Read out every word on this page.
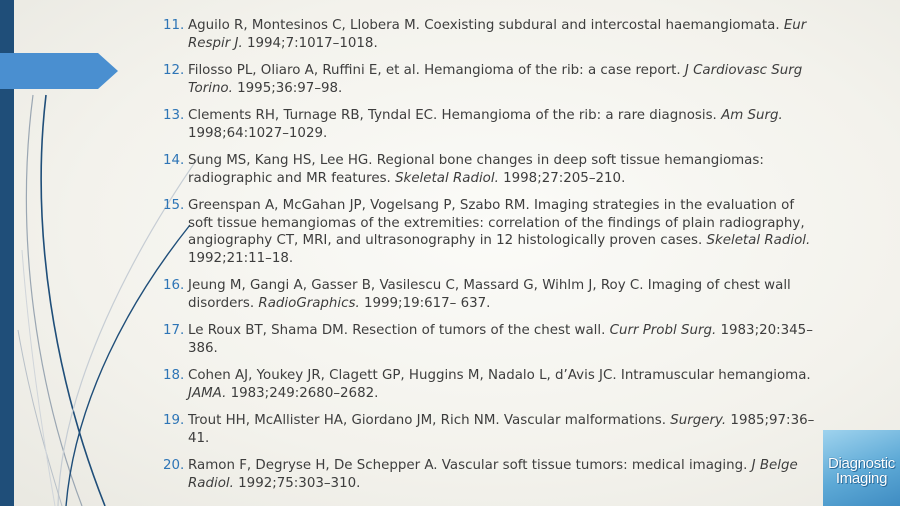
11. Aguilo R, Montesinos C, Llobera M. Coexisting subdural and intercostal haemangiomata. Eur Respir J. 1994;7:1017–1018.
12. Filosso PL, Oliaro A, Ruffini E, et al. Hemangioma of the rib: a case report. J Cardiovasc Surg Torino. 1995;36:97–98.
13. Clements RH, Turnage RB, Tyndal EC. Hemangioma of the rib: a rare diagnosis. Am Surg. 1998;64:1027–1029.
14. Sung MS, Kang HS, Lee HG. Regional bone changes in deep soft tissue hemangiomas: radiographic and MR features. Skeletal Radiol. 1998;27:205–210.
15. Greenspan A, McGahan JP, Vogelsang P, Szabo RM. Imaging strategies in the evaluation of soft tissue hemangiomas of the extremities: correlation of the findings of plain radiography, angiography CT, MRI, and ultrasonography in 12 histologically proven cases. Skeletal Radiol. 1992;21:11–18.
16. Jeung M, Gangi A, Gasser B, Vasilescu C, Massard G, Wihlm J, Roy C. Imaging of chest wall disorders. RadioGraphics. 1999;19:617– 637.
17. Le Roux BT, Shama DM. Resection of tumors of the chest wall. Curr Probl Surg. 1983;20:345–386.
18. Cohen AJ, Youkey JR, Clagett GP, Huggins M, Nadalo L, d’Avis JC. Intramuscular hemangioma. JAMA. 1983;249:2680–2682.
19. Trout HH, McAllister HA, Giordano JM, Rich NM. Vascular malformations. Surgery. 1985;97:36–41.
20. Ramon F, Degryse H, De Schepper A. Vascular soft tissue tumors: medical imaging. J Belge Radiol. 1992;75:303–310.
Diagnostic
Imaging
